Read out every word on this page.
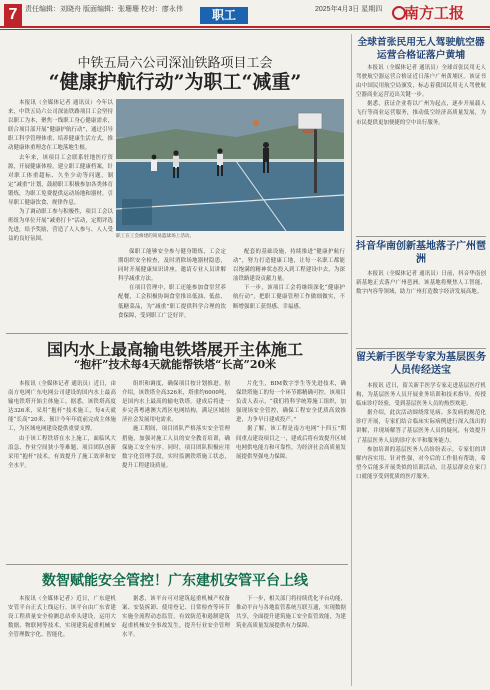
7	责任编辑：刘晓舟 版面编辑：张珊珊 校对：廖永伟	职工	2025年4月3日 星期四 南方工报
中铁五局六公司深汕铁路项目工会
“健康护航行动”为职工“减重”

本报讯（全媒体记者 通讯员）今年以来，中铁五局六公司深汕铁路项目工会坚持以职工为本，聚焦一线职工身心健康需求，联合项目部开展“健康护航行动”，通过引导职工科学管理体重、培养健康生活方式，推动健康体重理念在工地落地生根。

去年来，该项目工会联系驻地医疗资源，开展健康体检，建立职工健康档案，针对职工体重超标、久坐少动等问题，制定“减重”计划，鼓励职工积极参加各类体育锻炼，为职工免费提供运动场地和器材，引导职工健康饮食、规律作息。

为了调动职工参与积极性，项目工会以班组为单位开展“减重打卡”活动，定期评选先进，给予奖励，营造了人人参与、人人受益的良好氛围。

职工在工会修建的简易篮球场上活动。

保职工能够安全参与健身锻炼，工会定期组织安全检查，及时消除场地器材隐患，同时开展健康知识讲座，邀请专业人员讲解科学减重方法。

在项目管理中，职工还能参加食堂营养配餐，工会积极协调食堂推出低油、低盐、低糖菜品，为“减重”职工提供科学合理的饮食保障，受到职工广泛好评。

配套的基础设施，持续推进“健康护航行动”，努力打造健康工地，让每一名职工都能以饱满的精神状态投入到工程建设中去，为深汕铁路建设贡献力量。

下一步，该项目工会将继续深化“健康护航行动”，把职工健康管理工作做细做实，不断增强职工获得感、幸福感。

国内水上最高输电铁塔展开主体施工
“抱杆”技术每4天就能帮铁塔“长高”20米

本报讯（全媒体记者 通讯员）近日，由南方电网广东电网公司建设的国内水上最高输电铁塔开始主体施工。据悉，该铁塔高度达326米，采用“抱杆”技术施工，每4天就能“长高”20米，预计今年年底前完成主体施工，为区域电网建设提供重要支撑。

由于该工程铁塔在水上施工，面临风大浪急、作业空间狭小等难题，项目团队创新采用“抱杆”技术，有效提升了施工效率和安全水平。

组织和调度，确保项目按计划推进。据介绍，该铁塔全高326米，塔重约6000吨，是国内水上最高的输电铁塔。建成后将进一步完善粤港澳大湾区电网结构，满足区域经济社会发展用电需求。

施工期间，项目团队严格落实安全管理措施，加强对施工人员的安全教育培训，确保施工安全有序。同时，项目团队积极应用数字化管理手段，实时监测铁塔施工状态，提升工程建设质量。

片化生，BIM数字孪生等先进技术，确保铁塔施工的每一个环节都精确可控。该项目负责人表示，“我们将科学统筹施工组织，加强现场安全管控，确保工程安全优质高效推进，力争早日建成投产。”

据了解，该工程是南方电网“十四五”期间重点建设项目之一，建成后将有效提升区域电网供电能力和可靠性，为经济社会高质量发展提供坚强电力保障。

数智赋能安全管控！广东建机安管平台上线

本报讯（全媒体记者）近日，广东建机安管平台正式上线运行。该平台由广东省建设工程质量安全检测总站牵头建设，运用大数据、物联网等技术，实现建筑起重机械安全管理数字化、智能化。

据悉，该平台可对建筑起重机械产权备案、安装拆卸、使用登记、日常检查等环节实施全流程动态监管，有效防范和遏制建筑起重机械安全事故发生，提升行业安全管理水平。

下一步，相关部门将持续优化平台功能，推动平台与各地监管系统互联互通，实现数据共享，全面提升建筑施工安全监管效能，为建筑业高质量发展提供有力保障。

全球首张民用无人驾驶航空器运营合格证落户黄埔

本报讯（全媒体记者 通讯员）全球首张民用无人驾驶航空器运营合格证近日落户广州黄埔区。该证书由中国民用航空局颁发，标志着我国民用无人驾驶航空器商业运营迈出关键一步。

据悉，获证企业将以广州为起点，逐步开展载人飞行等商业运营服务，推动低空经济高质量发展，为市民提供更加便捷的空中出行服务。

抖音华南创新基地落子广州琶洲

本报讯（全媒体记者 通讯员）日前，抖音华南创新基地正式落户广州琶洲。该基地将聚焦人工智能、数字内容等领域，助力广州打造数字经济发展高地。

留关新手医学专家为基层医务人员传经送宝

本报讯 近日，留关新手医学专家走进基层医疗机构，为基层医务人员开展业务培训和技术指导，传授临床诊疗经验，受到基层医务人员的热烈欢迎。

据介绍，此次活动围绕常见病、多发病的规范化诊疗开展，专家们结合临床实际病例进行深入浅出的讲解，并现场解答了基层医务人员的疑问，有效提升了基层医务人员的诊疗水平和服务能力。

参加培训的基层医务人员纷纷表示，专家们的讲解内容实用、针对性强，对今后的工作很有帮助，希望今后能多开展类似的培训活动，让基层群众在家门口就能享受到优质的医疗服务。
